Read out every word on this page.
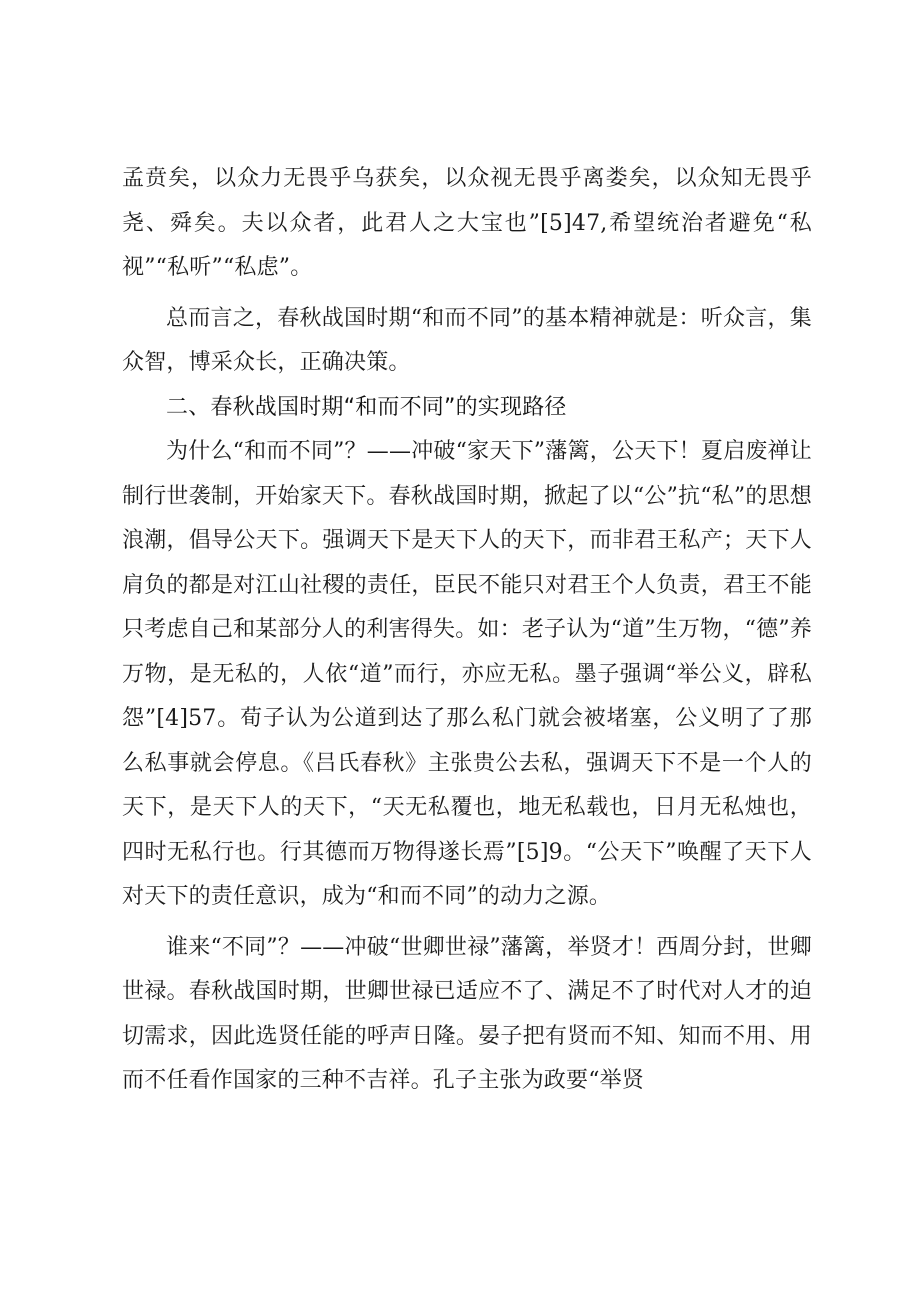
孟贲矣，以众力无畏乎乌获矣，以众视无畏乎离娄矣，以众知无畏乎尧、舜矣。夫以众者，此君人之大宝也”[5]47,希望统治者避免“私视”“私听”“私虑”。

总而言之，春秋战国时期“和而不同”的基本精神就是：听众言，集众智，博采众长，正确决策。

二、春秋战国时期“和而不同”的实现路径

为什么“和而不同”？——冲破“家天下”藩篱，公天下！夏启废禅让制行世袭制，开始家天下。春秋战国时期，掀起了以“公”抗“私”的思想浪潮，倡导公天下。强调天下是天下人的天下，而非君王私产；天下人肩负的都是对江山社稷的责任，臣民不能只对君王个人负责，君王不能只考虑自己和某部分人的利害得失。如：老子认为“道”生万物，“德”养万物，是无私的，人依“道”而行，亦应无私。墨子强调“举公义，辟私怨”[4]57。荀子认为公道到达了那么私门就会被堵塞，公义明了了那么私事就会停息。《吕氏春秋》主张贵公去私，强调天下不是一个人的天下，是天下人的天下，“天无私覆也，地无私载也，日月无私烛也，四时无私行也。行其德而万物得遂长焉”[5]9。“公天下”唤醒了天下人对天下的责任意识，成为“和而不同”的动力之源。

谁来“不同”？——冲破“世卿世禄”藩篱，举贤才！西周分封，世卿世禄。春秋战国时期，世卿世禄已适应不了、满足不了时代对人才的迫切需求，因此选贤任能的呼声日隆。晏子把有贤而不知、知而不用、用而不任看作国家的三种不吉祥。孔子主张为政要“举贤
